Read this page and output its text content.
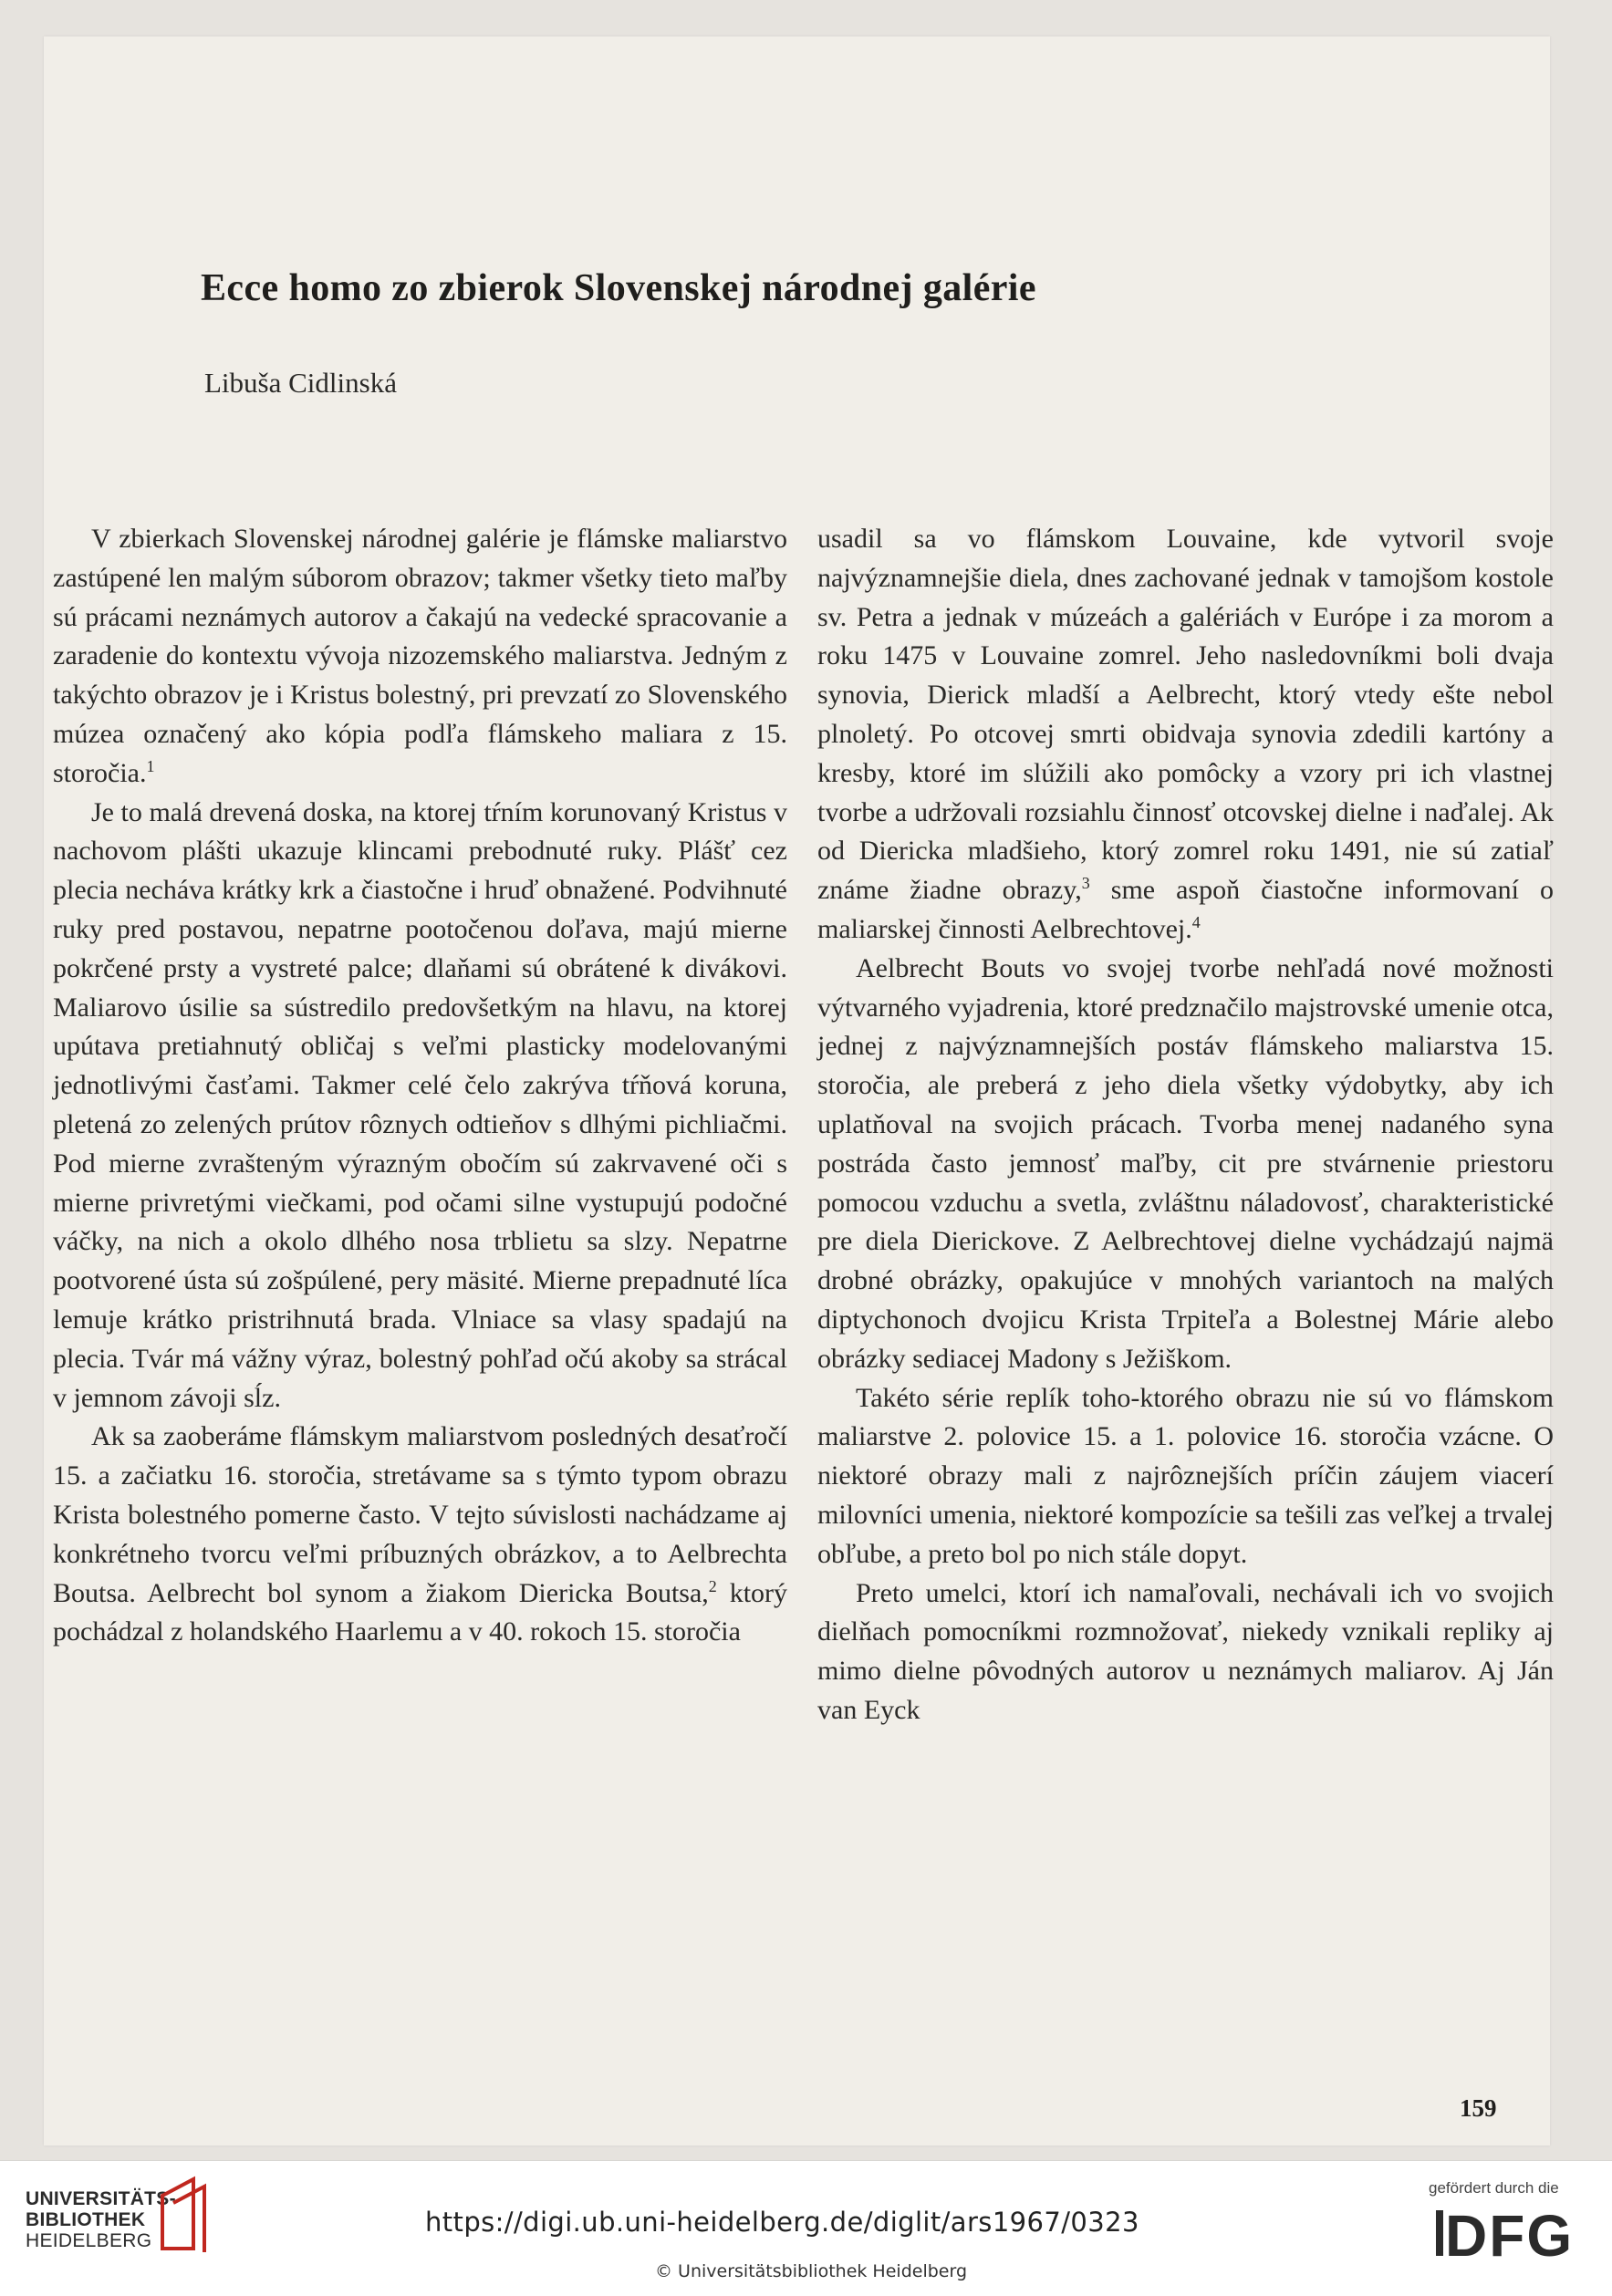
Ecce homo zo zbierok Slovenskej národnej galérie

Libuša Cidlinská

V zbierkach Slovenskej národnej galérie je flámske maliarstvo zastúpené len malým súborom obrazov; takmer všetky tieto maľby sú prácami neznámych autorov a čakajú na vedecké spracovanie a zaradenie do kontextu vývoja nizozemského maliarstva. Jedným z takýchto obrazov je i Kristus bolestný, pri prevzatí zo Slovenského múzea označený ako kópia podľa flámskeho maliara z 15. storočia.$^1$

Je to malá drevená doska, na ktorej tŕním korunovaný Kristus v nachovom plášti ukazuje klincami prebodnuté ruky. Plášť cez plecia necháva krátky krk a čiastočne i hruď obnažené. Podvihnuté ruky pred postavou, nepatrne pootočenou doľava, majú mierne pokrčené prsty a vystreté palce; dlaňami sú obrátené k divákovi. Maliarovo úsilie sa sústredilo predovšetkým na hlavu, na ktorej upútava pretiahnutý obličaj s veľmi plasticky modelovanými jednotlivými časťami. Takmer celé čelo zakrýva tŕňová koruna, pletená zo zelených prútov rôznych odtieňov s dlhými pichliačmi. Pod mierne zvrašteným výrazným obočím sú zakrvavené oči s mierne privretými viečkami, pod očami silne vystupujú podočné váčky, na nich a okolo dlhého nosa trblietu sa slzy. Nepatrne pootvorené ústa sú zošpúlené, pery mäsité. Mierne prepadnuté líca lemuje krátko pristrihnutá brada. Vlniace sa vlasy spadajú na plecia. Tvár má vážny výraz, bolestný pohľad očú akoby sa strácal v jemnom závoji sĺz.

Ak sa zaoberáme flámskym maliarstvom posledných desaťročí 15. a začiatku 16. storočia, stretávame sa s týmto typom obrazu Krista bolestného pomerne často. V tejto súvislosti nachádzame aj konkrétneho tvorcu veľmi príbuzných obrázkov, a to Aelbrechta Boutsa. Aelbrecht bol synom a žiakom Diericka Boutsa,$^2$ ktorý pochádzal z holandského Haarlemu a v 40. rokoch 15. storočia

usadil sa vo flámskom Louvaine, kde vytvoril svoje najvýznamnejšie diela, dnes zachované jednak v tamojšom kostole sv. Petra a jednak v múzeách a galériách v Európe i za morom a roku 1475 v Louvaine zomrel. Jeho nasledovníkmi boli dvaja synovia, Dierick mladší a Aelbrecht, ktorý vtedy ešte nebol plnoletý. Po otcovej smrti obidvaja synovia zdedili kartóny a kresby, ktoré im slúžili ako pomôcky a vzory pri ich vlastnej tvorbe a udržovali rozsiahlu činnosť otcovskej dielne i naďalej. Ak od Diericka mladšieho, ktorý zomrel roku 1491, nie sú zatiaľ známe žiadne obrazy,$^3$ sme aspoň čiastočne informovaní o maliarskej činnosti Aelbrechtovej.$^4$

Aelbrecht Bouts vo svojej tvorbe nehľadá nové možnosti výtvarného vyjadrenia, ktoré predznačilo majstrovské umenie otca, jednej z najvýznamnejších postáv flámskeho maliarstva 15. storočia, ale preberá z jeho diela všetky výdobytky, aby ich uplatňoval na svojich prácach. Tvorba menej nadaného syna postráda často jemnosť maľby, cit pre stvárnenie priestoru pomocou vzduchu a svetla, zvláštnu náladovosť, charakteristické pre diela Dierickove. Z Aelbrechtovej dielne vychádzajú najmä drobné obrázky, opakujúce v mnohých variantoch na malých diptychonoch dvojicu Krista Trpiteľa a Bolestnej Márie alebo obrázky sediacej Madony s Ježiškom.

Takéto série replík toho-ktorého obrazu nie sú vo flámskom maliarstve 2. polovice 15. a 1. polovice 16. storočia vzácne. O niektoré obrazy mali z najrôznejších príčin záujem viacerí milovníci umenia, niektoré kompozície sa tešili zas veľkej a trvalej obľube, a preto bol po nich stále dopyt.

Preto umelci, ktorí ich namaľovali, nechávali ich vo svojich dielňach pomocníkmi rozmnožovať, niekedy vznikali repliky aj mimo dielne pôvodných autorov u neznámych maliarov. Aj Ján van Eyck

159

UNIVERSITÄTS-
BIBLIOTHEK
HEIDELBERG
https://digi.ub.uni-heidelberg.de/diglit/ars1967/0323
© Universitätsbibliothek Heidelberg
gefördert durch die
DFG
